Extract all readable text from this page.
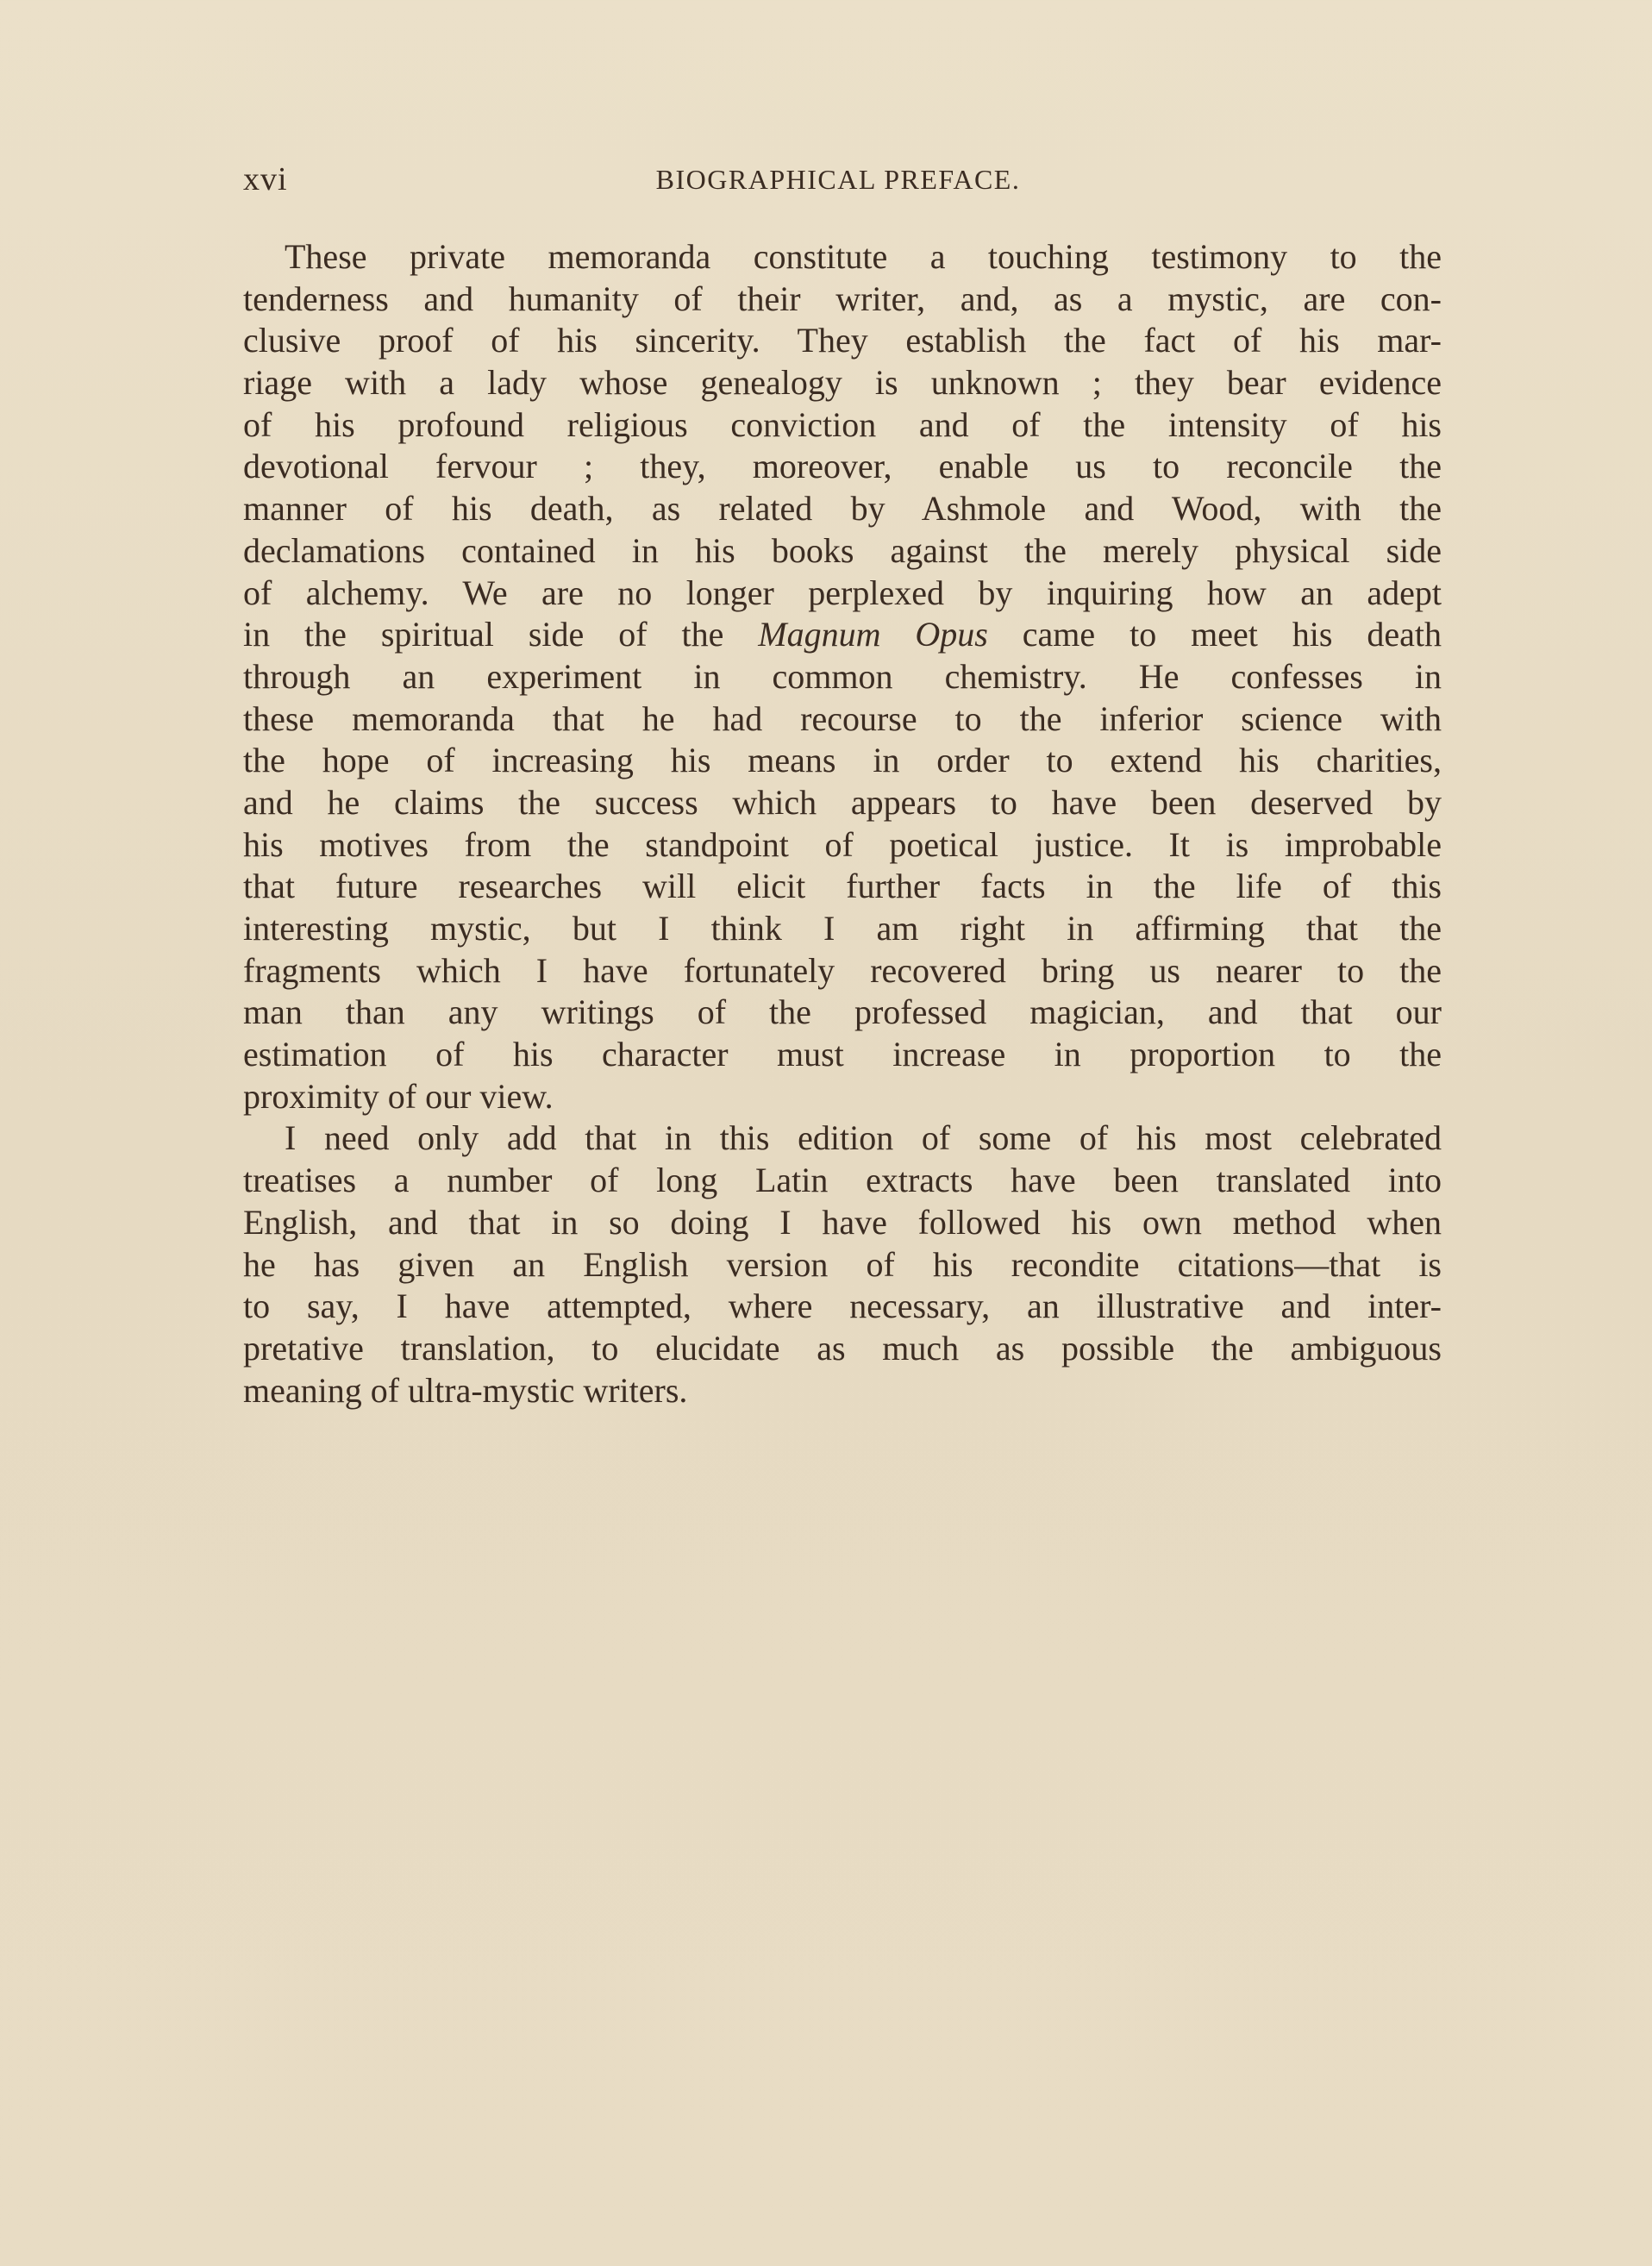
xvi	BIOGRAPHICAL PREFACE.
These private memoranda constitute a touching testimony to the
tenderness and humanity of their writer, and, as a mystic, are con-
clusive proof of his sincerity. They establish the fact of his mar-
riage with a lady whose genealogy is unknown ; they bear evidence
of his profound religious conviction and of the intensity of his
devotional fervour ; they, moreover, enable us to reconcile the
manner of his death, as related by Ashmole and Wood, with the
declamations contained in his books against the merely physical side
of alchemy. We are no longer perplexed by inquiring how an adept
in the spiritual side of the Magnum Opus came to meet his death
through an experiment in common chemistry. He confesses in
these memoranda that he had recourse to the inferior science with
the hope of increasing his means in order to extend his charities,
and he claims the success which appears to have been deserved by
his motives from the standpoint of poetical justice. It is improbable
that future researches will elicit further facts in the life of this
interesting mystic, but I think I am right in affirming that the
fragments which I have fortunately recovered bring us nearer to the
man than any writings of the professed magician, and that our
estimation of his character must increase in proportion to the
proximity of our view.
I need only add that in this edition of some of his most celebrated
treatises a number of long Latin extracts have been translated into
English, and that in so doing I have followed his own method when
he has given an English version of his recondite citations—that is
to say, I have attempted, where necessary, an illustrative and inter-
pretative translation, to elucidate as much as possible the ambiguous
meaning of ultra-mystic writers.
